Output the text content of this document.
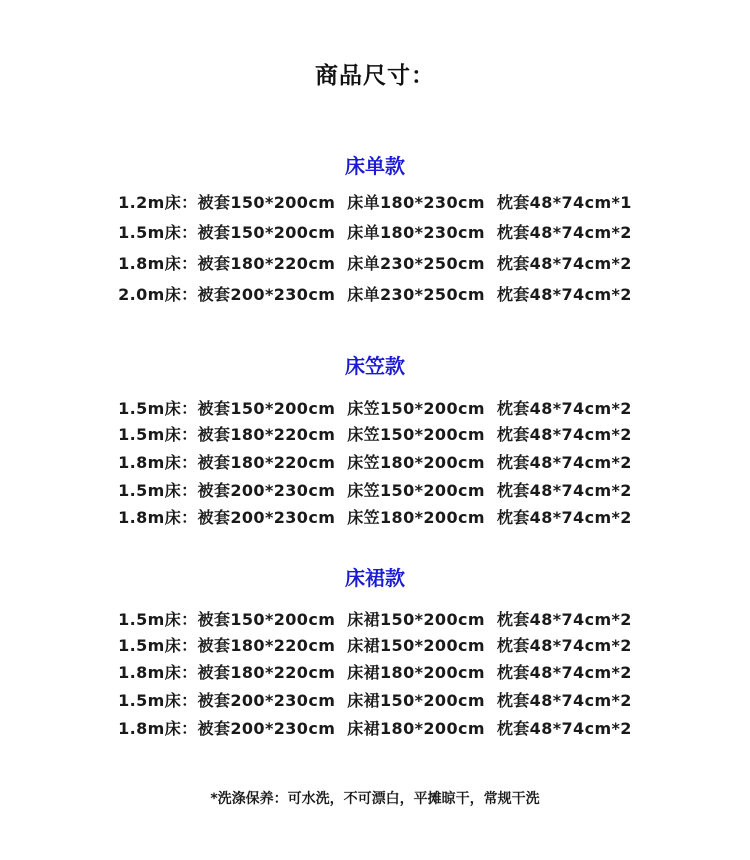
商品尺寸：
床单款
1.2m床：被套150*200cm  床单180*230cm  枕套48*74cm*1
1.5m床：被套150*200cm  床单180*230cm  枕套48*74cm*2
1.8m床：被套180*220cm  床单230*250cm  枕套48*74cm*2
2.0m床：被套200*230cm  床单230*250cm  枕套48*74cm*2
床笠款
1.5m床：被套150*200cm  床笠150*200cm  枕套48*74cm*2
1.5m床：被套180*220cm  床笠150*200cm  枕套48*74cm*2
1.8m床：被套180*220cm  床笠180*200cm  枕套48*74cm*2
1.5m床：被套200*230cm  床笠150*200cm  枕套48*74cm*2
1.8m床：被套200*230cm  床笠180*200cm  枕套48*74cm*2
床裙款
1.5m床：被套150*200cm  床裙150*200cm  枕套48*74cm*2
1.5m床：被套180*220cm  床裙150*200cm  枕套48*74cm*2
1.8m床：被套180*220cm  床裙180*200cm  枕套48*74cm*2
1.5m床：被套200*230cm  床裙150*200cm  枕套48*74cm*2
1.8m床：被套200*230cm  床裙180*200cm  枕套48*74cm*2
*洗涤保养：可水洗，不可漂白，平摊晾干，常规干洗
